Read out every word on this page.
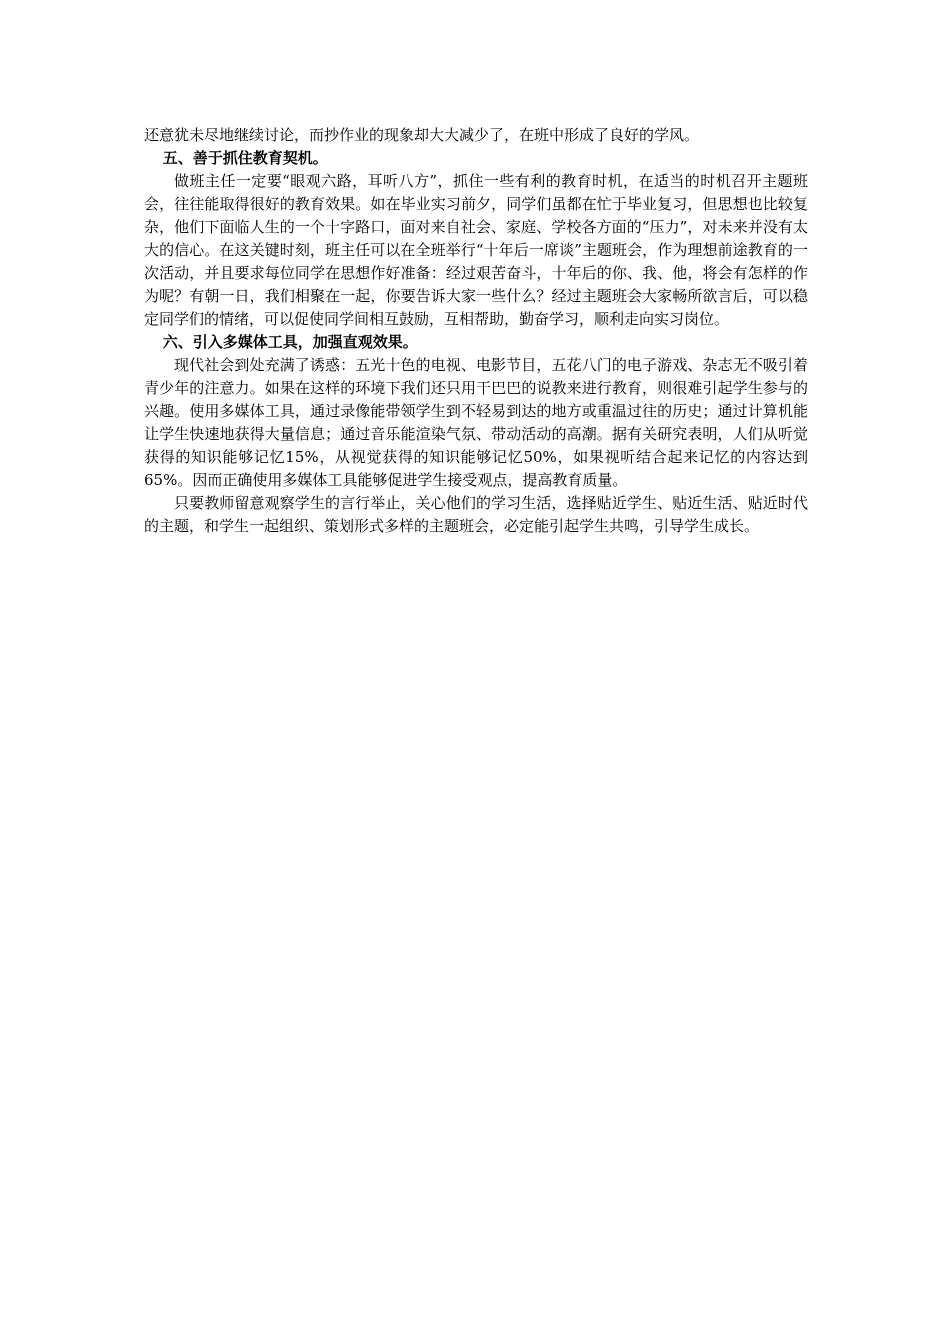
还意犹未尽地继续讨论，而抄作业的现象却大大减少了，在班中形成了良好的学风。

五、善于抓住教育契机。

做班主任一定要“眼观六路，耳听八方”，抓住一些有利的教育时机，在适当的时机召开主题班会，往往能取得很好的教育效果。如在毕业实习前夕，同学们虽都在忙于毕业复习，但思想也比较复杂，他们下面临人生的一个十字路口，面对来自社会、家庭、学校各方面的“压力”，对未来并没有太大的信心。在这关键时刻，班主任可以在全班举行“十年后一席谈”主题班会，作为理想前途教育的一次活动，并且要求每位同学在思想作好准备：经过艰苦奋斗，十年后的你、我、他，将会有怎样的作为呢？有朝一日，我们相聚在一起，你要告诉大家一些什么？经过主题班会大家畅所欲言后，可以稳定同学们的情绪，可以促使同学间相互鼓励，互相帮助，勤奋学习，顺利走向实习岗位。

六、引入多媒体工具，加强直观效果。

现代社会到处充满了诱惑：五光十色的电视、电影节目，五花八门的电子游戏、杂志无不吸引着青少年的注意力。如果在这样的环境下我们还只用干巴巴的说教来进行教育，则很难引起学生参与的兴趣。使用多媒体工具，通过录像能带领学生到不轻易到达的地方或重温过往的历史；通过计算机能让学生快速地获得大量信息；通过音乐能渲染气氛、带动活动的高潮。据有关研究表明，人们从听觉获得的知识能够记忆15%，从视觉获得的知识能够记忆50%，如果视听结合起来记忆的内容达到65%。因而正确使用多媒体工具能够促进学生接受观点，提高教育质量。

只要教师留意观察学生的言行举止，关心他们的学习生活，选择贴近学生、贴近生活、贴近时代的主题，和学生一起组织、策划形式多样的主题班会，必定能引起学生共鸣，引导学生成长。
